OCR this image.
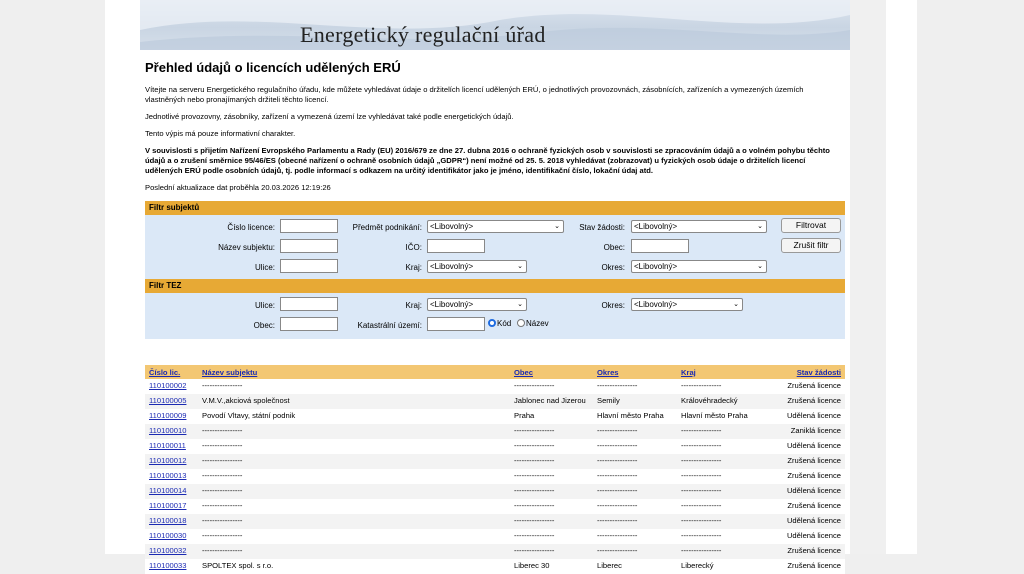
Energetický regulační úřad
Přehled údajů o licencích udělených ERÚ

Vítejte na serveru Energetického regulačního úřadu, kde můžete vyhledávat údaje o držitelích licencí udělených ERÚ, o jednotlivých provozovnách, zásobnících, zařízeních a vymezených územích vlastněných nebo pronajímaných držiteli těchto licencí.

Jednotlivé provozovny, zásobníky, zařízení a vymezená území lze vyhledávat také podle energetických údajů.

Tento výpis má pouze informativní charakter.

V souvislosti s přijetím Nařízení Evropského Parlamentu a Rady (EU) 2016/679 ze dne 27. dubna 2016 o ochraně fyzických osob v souvislosti se zpracováním údajů a o volném pohybu těchto údajů a o zrušení směrnice 95/46/ES (obecné nařízení o ochraně osobních údajů „GDPR“) není možné od 25. 5. 2018 vyhledávat (zobrazovat) u fyzických osob údaje o držitelích licencí udělených ERÚ podle osobních údajů, tj. podle informací s odkazem na určitý identifikátor jako je jméno, identifikační číslo, lokační údaj atd.

Poslední aktualizace dat proběhla 20.03.2026 12:19:26

Filtr subjektů
Číslo licence:	Předmět podnikání:	<Libovolný>	⌄	Stav žádosti:	<Libovolný>	⌄	Filtrovat
Název subjektu:	IČO:	Obec:	Zrušit filtr
Ulice:	Kraj:	<Libovolný>	⌄	Okres:	<Libovolný>	⌄
Filtr TEZ
Ulice:	Kraj:	<Libovolný>	⌄	Okres:	<Libovolný>	⌄
Obec:	Katastrální území:	Kód	Název
Číslo lic.	Název subjektu	Obec	Okres	Kraj	Stav žádosti
110100002	----------------	----------------	----------------	----------------	Zrušená licence
110100005	V.M.V.,akciová společnost	Jablonec nad Jizerou	Semily	Královéhradecký	Zrušená licence
110100009	Povodí Vltavy, státní podnik	Praha	Hlavní město Praha	Hlavní město Praha	Udělená licence
110100010	----------------	----------------	----------------	----------------	Zaniklá licence
110100011	----------------	----------------	----------------	----------------	Udělená licence
110100012	----------------	----------------	----------------	----------------	Zrušená licence
110100013	----------------	----------------	----------------	----------------	Zrušená licence
110100014	----------------	----------------	----------------	----------------	Udělená licence
110100017	----------------	----------------	----------------	----------------	Zrušená licence
110100018	----------------	----------------	----------------	----------------	Udělená licence
110100030	----------------	----------------	----------------	----------------	Udělená licence
110100032	----------------	----------------	----------------	----------------	Zrušená licence
110100033	SPOLTEX spol. s r.o.	Liberec 30	Liberec	Liberecký	Zrušená licence
